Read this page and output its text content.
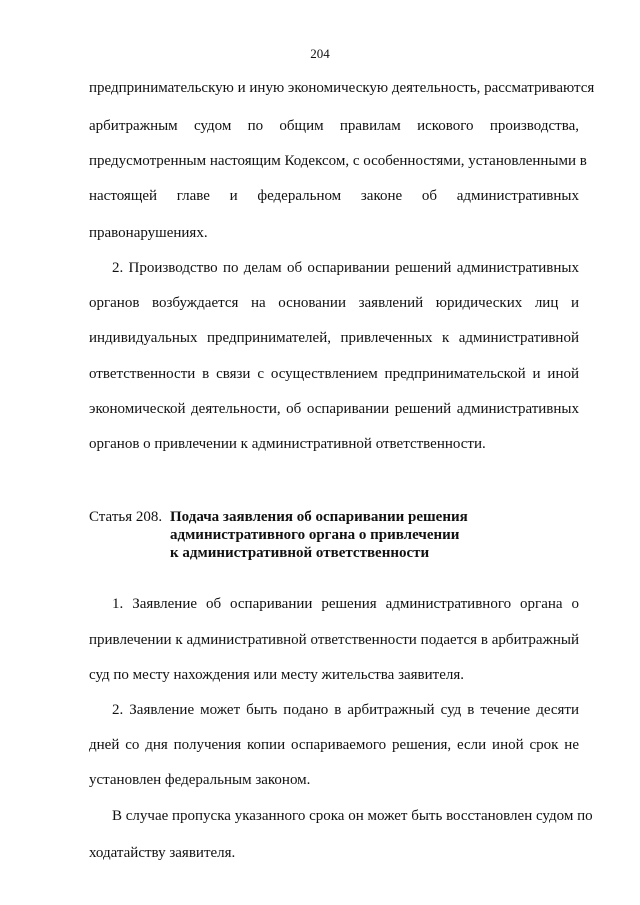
204
предпринимательскую и иную экономическую деятельность, рассматриваются
арбитражным судом по общим правилам искового производства,
предусмотренным настоящим Кодексом, с особенностями, установленными в
настоящей главе и федеральном законе об административных
правонарушениях.
2. Производство по делам об оспаривании решений административных
органов возбуждается на основании заявлений юридических лиц и
индивидуальных предпринимателей, привлеченных к административной
ответственности в связи с осуществлением предпринимательской и иной
экономической деятельности, об оспаривании решений административных
органов о привлечении к административной ответственности.
Статья 208. Подача заявления об оспаривании решения
административного органа о привлечении
к административной ответственности
1. Заявление об оспаривании решения административного органа о
привлечении к административной ответственности подается в арбитражный
суд по месту нахождения или месту жительства заявителя.
2. Заявление может быть подано в арбитражный суд в течение десяти
дней со дня получения копии оспариваемого решения, если иной срок не
установлен федеральным законом.
В случае пропуска указанного срока он может быть восстановлен судом по
ходатайству заявителя.
